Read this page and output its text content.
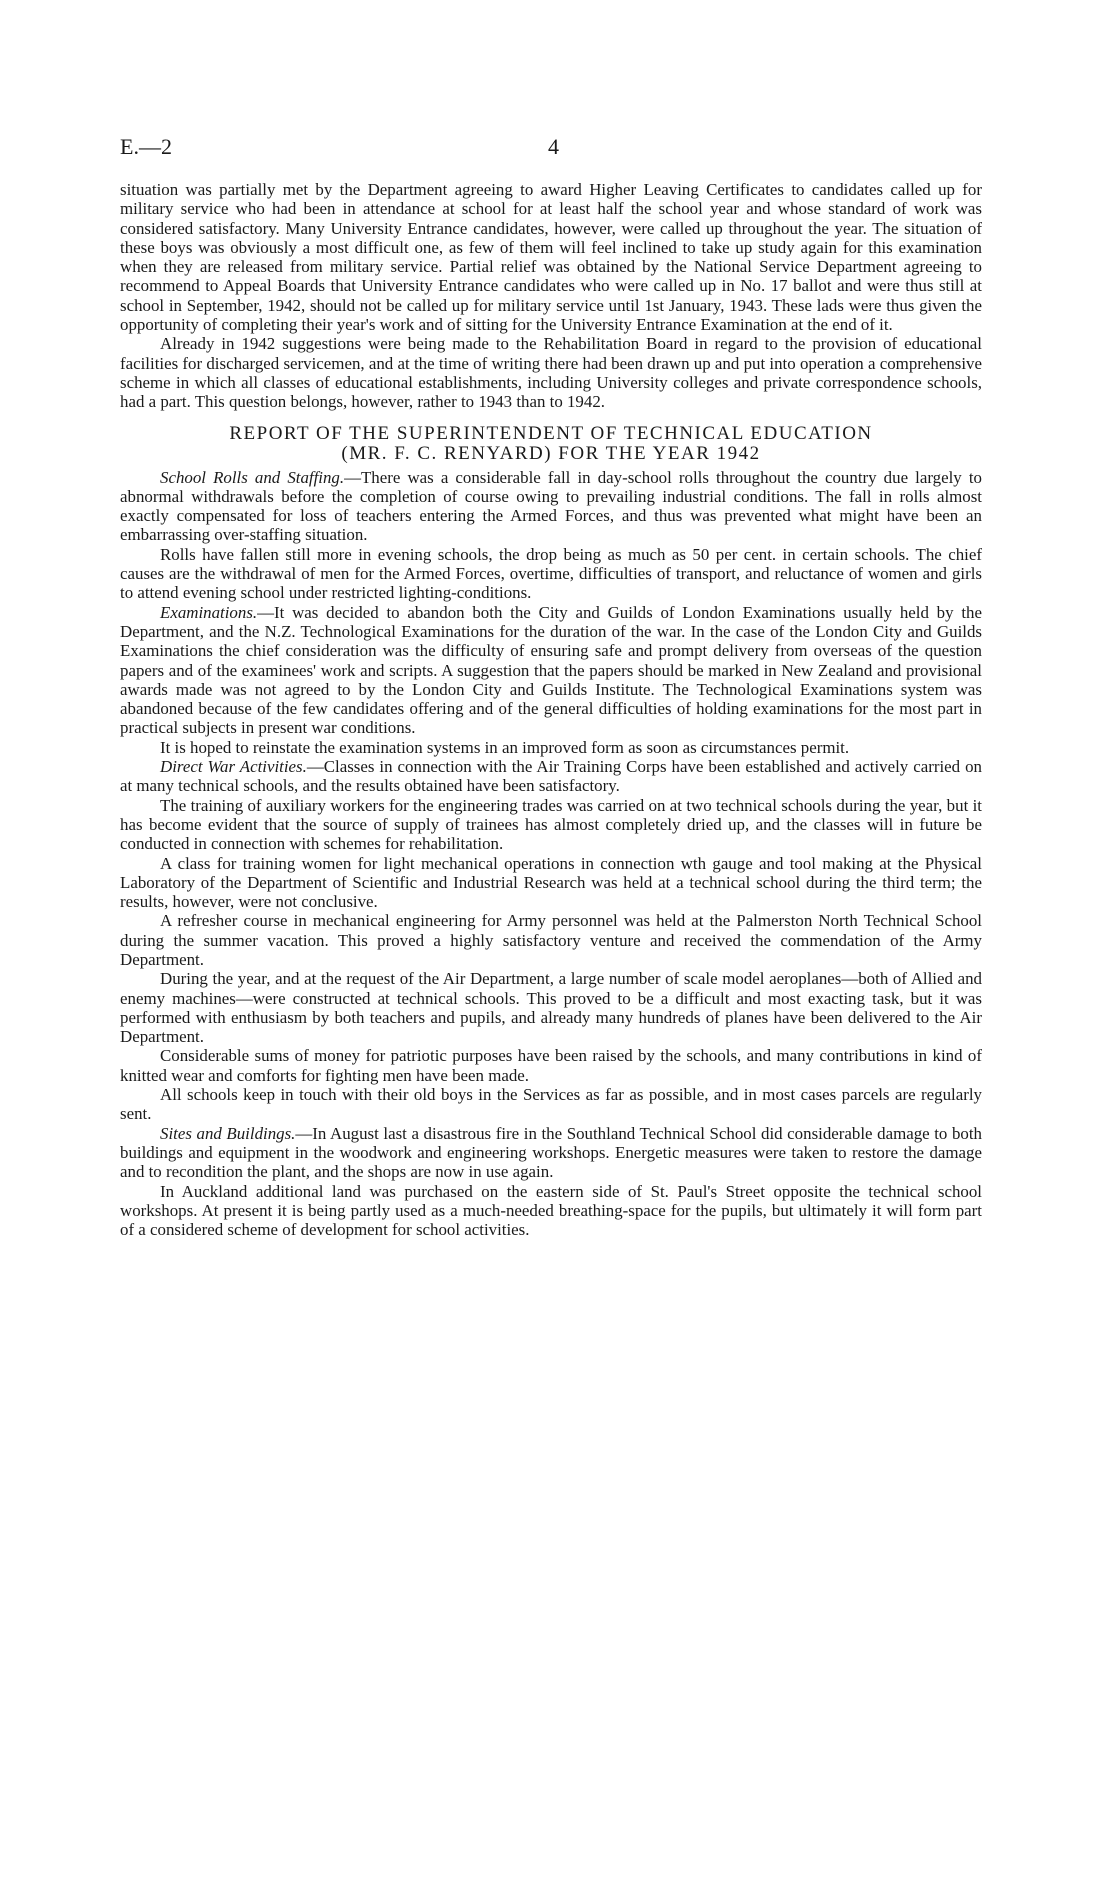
E.—2	4

situation was partially met by the Department agreeing to award Higher Leaving Certificates to candidates called up for military service who had been in attendance at school for at least half the school year and whose standard of work was considered satisfactory. Many University Entrance candidates, however, were called up throughout the year. The situation of these boys was obviously a most difficult one, as few of them will feel inclined to take up study again for this examination when they are released from military service. Partial relief was obtained by the National Service Department agreeing to recommend to Appeal Boards that University Entrance candidates who were called up in No. 17 ballot and were thus still at school in September, 1942, should not be called up for military service until 1st January, 1943. These lads were thus given the opportunity of completing their year's work and of sitting for the University Entrance Examination at the end of it.

Already in 1942 suggestions were being made to the Rehabilitation Board in regard to the provision of educational facilities for discharged servicemen, and at the time of writing there had been drawn up and put into operation a comprehensive scheme in which all classes of educational establishments, including University colleges and private correspondence schools, had a part. This question belongs, however, rather to 1943 than to 1942.

REPORT OF THE SUPERINTENDENT OF TECHNICAL EDUCATION

(MR. F. C. RENYARD) FOR THE YEAR 1942

School Rolls and Staffing.—There was a considerable fall in day-school rolls throughout the country due largely to abnormal withdrawals before the completion of course owing to prevailing industrial conditions. The fall in rolls almost exactly compensated for loss of teachers entering the Armed Forces, and thus was prevented what might have been an embarrassing over-staffing situation.

Rolls have fallen still more in evening schools, the drop being as much as 50 per cent. in certain schools. The chief causes are the withdrawal of men for the Armed Forces, overtime, difficulties of transport, and reluctance of women and girls to attend evening school under restricted lighting-conditions.

Examinations.—It was decided to abandon both the City and Guilds of London Examinations usually held by the Department, and the N.Z. Technological Examinations for the duration of the war. In the case of the London City and Guilds Examinations the chief consideration was the difficulty of ensuring safe and prompt delivery from overseas of the question papers and of the examinees' work and scripts. A suggestion that the papers should be marked in New Zealand and provisional awards made was not agreed to by the London City and Guilds Institute. The Technological Examinations system was abandoned because of the few candidates offering and of the general difficulties of holding examinations for the most part in practical subjects in present war conditions.

It is hoped to reinstate the examination systems in an improved form as soon as circumstances permit.

Direct War Activities.—Classes in connection with the Air Training Corps have been established and actively carried on at many technical schools, and the results obtained have been satisfactory.

The training of auxiliary workers for the engineering trades was carried on at two technical schools during the year, but it has become evident that the source of supply of trainees has almost completely dried up, and the classes will in future be conducted in connection with schemes for rehabilitation.

A class for training women for light mechanical operations in connection wth gauge and tool making at the Physical Laboratory of the Department of Scientific and Industrial Research was held at a technical school during the third term; the results, however, were not conclusive.

A refresher course in mechanical engineering for Army personnel was held at the Palmerston North Technical School during the summer vacation. This proved a highly satisfactory venture and received the commendation of the Army Department.

During the year, and at the request of the Air Department, a large number of scale model aeroplanes—both of Allied and enemy machines—were constructed at technical schools. This proved to be a difficult and most exacting task, but it was performed with enthusiasm by both teachers and pupils, and already many hundreds of planes have been delivered to the Air Department.

Considerable sums of money for patriotic purposes have been raised by the schools, and many contributions in kind of knitted wear and comforts for fighting men have been made.

All schools keep in touch with their old boys in the Services as far as possible, and in most cases parcels are regularly sent.

Sites and Buildings.—In August last a disastrous fire in the Southland Technical School did considerable damage to both buildings and equipment in the woodwork and engineering workshops. Energetic measures were taken to restore the damage and to recondition the plant, and the shops are now in use again.

In Auckland additional land was purchased on the eastern side of St. Paul's Street opposite the technical school workshops. At present it is being partly used as a much-needed breathing-space for the pupils, but ultimately it will form part of a considered scheme of development for school activities.
